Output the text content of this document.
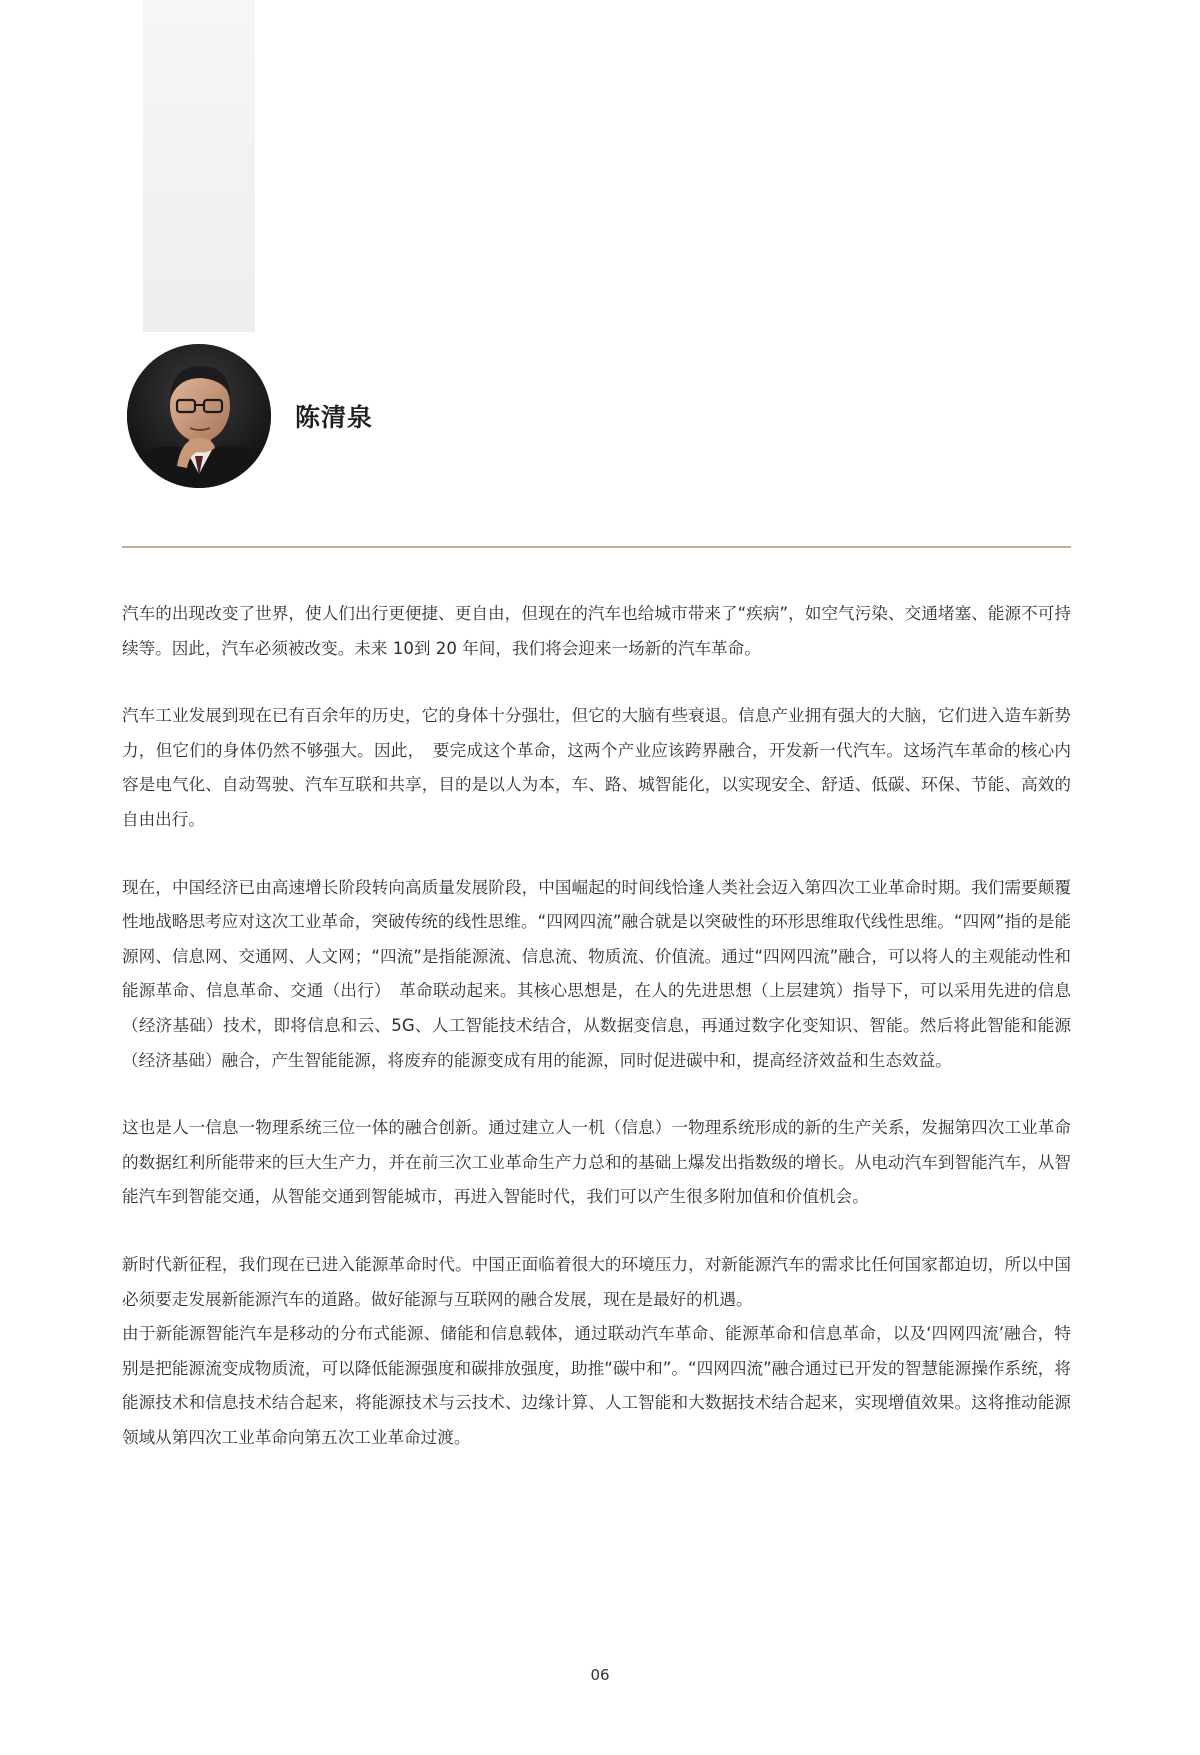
陈清泉

汽车的出现改变了世界，使人们出行更便捷、更自由，但现在的汽车也给城市带来了“疾病”，如空气污染、交通堵塞、能源不可持续等。因此，汽车必须被改变。未来 10到 20 年间，我们将会迎来一场新的汽车革命。

汽车工业发展到现在已有百余年的历史，它的身体十分强壮，但它的大脑有些衰退。信息产业拥有强大的大脑，它们进入造车新势力，但它们的身体仍然不够强大。因此，　要完成这个革命，这两个产业应该跨界融合，开发新一代汽车。这场汽车革命的核心内容是电气化、自动驾驶、汽车互联和共享，目的是以人为本，车、路、城智能化，以实现安全、舒适、低碳、环保、节能、高效的自由出行。

现在，中国经济已由高速增长阶段转向高质量发展阶段，中国崛起的时间线恰逢人类社会迈入第四次工业革命时期。我们需要颠覆性地战略思考应对这次工业革命，突破传统的线性思维。“四网四流”融合就是以突破性的环形思维取代线性思维。“四网”指的是能源网、信息网、交通网、人文网；“四流”是指能源流、信息流、物质流、价值流。通过“四网四流”融合，可以将人的主观能动性和能源革命、信息革命、交通（出行）　革命联动起来。其核心思想是，在人的先进思想（上层建筑）指导下，可以采用先进的信息（经济基础）技术，即将信息和云、5G、人工智能技术结合，从数据变信息，再通过数字化变知识、智能。然后将此智能和能源（经济基础）融合，产生智能能源，将废弃的能源变成有用的能源，同时促进碳中和，提高经济效益和生态效益。

这也是人一信息一物理系统三位一体的融合创新。通过建立人一机（信息）一物理系统形成的新的生产关系，发掘第四次工业革命的数据红利所能带来的巨大生产力，并在前三次工业革命生产力总和的基础上爆发出指数级的增长。从电动汽车到智能汽车，从智能汽车到智能交通，从智能交通到智能城市，再进入智能时代，我们可以产生很多附加值和价值机会。

新时代新征程，我们现在已进入能源革命时代。中国正面临着很大的环境压力，对新能源汽车的需求比任何国家都迫切，所以中国必须要走发展新能源汽车的道路。做好能源与互联网的融合发展，现在是最好的机遇。

由于新能源智能汽车是移动的分布式能源、储能和信息载体，通过联动汽车革命、能源革命和信息革命，以及‘四网四流’融合，特别是把能源流变成物质流，可以降低能源强度和碳排放强度，助推“碳中和”。“四网四流”融合通过已开发的智慧能源操作系统，将能源技术和信息技术结合起来，将能源技术与云技术、边缘计算、人工智能和大数据技术结合起来，实现增值效果。这将推动能源领域从第四次工业革命向第五次工业革命过渡。

06
